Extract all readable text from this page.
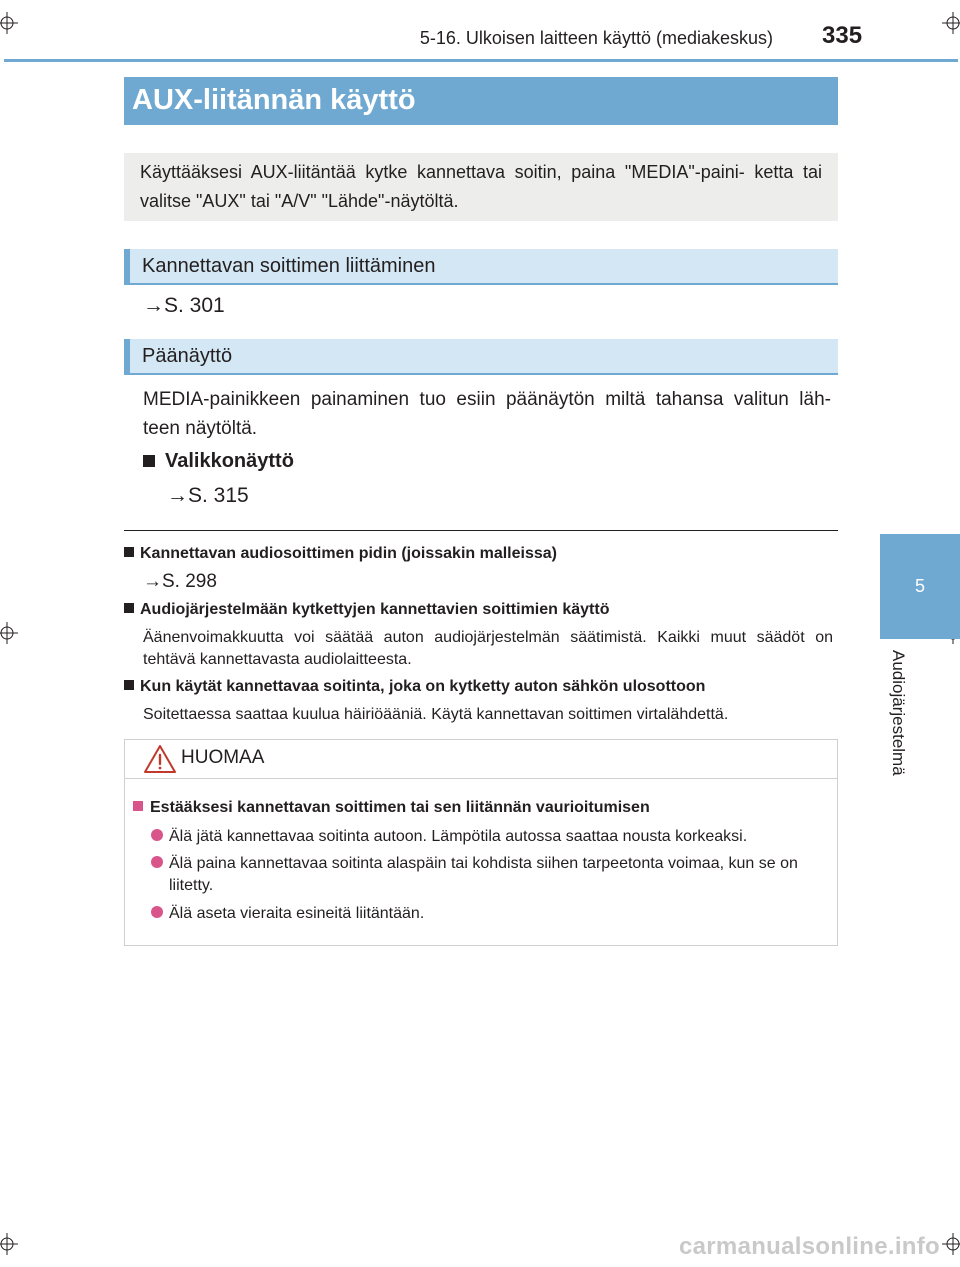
5-16. Ulkoisen laitteen käyttö (mediakeskus) 335
5
Audiojärjestelmä
AUX-liitännän käyttö
Käyttääksesi AUX-liitäntää kytke kannettava soitin, paina "MEDIA"-paini- ketta tai valitse "AUX" tai "A/V" "Lähde"-näytöltä.
Kannettavan soittimen liittäminen
→S. 301
Päänäyttö
MEDIA-painikkeen painaminen tuo esiin päänäytön miltä tahansa valitun läh- teen näytöltä.
Valikkonäyttö
→S. 315
Kannettavan audiosoittimen pidin (joissakin malleissa)
→S. 298
Audiojärjestelmään kytkettyjen kannettavien soittimien käyttö
Äänenvoimakkuutta voi säätää auton audiojärjestelmän säätimistä. Kaikki muut säädöt on tehtävä kannettavasta audiolaitteesta.
Kun käytät kannettavaa soitinta, joka on kytketty auton sähkön ulosottoon
Soitettaessa saattaa kuulua häiriöääniä. Käytä kannettavan soittimen virtalähdettä.
HUOMAA
Estääksesi kannettavan soittimen tai sen liitännän vaurioitumisen
Älä jätä kannettavaa soitinta autoon. Lämpötila autossa saattaa nousta korkeaksi.
Älä paina kannettavaa soitinta alaspäin tai kohdista siihen tarpeetonta voimaa, kun se on liitetty.
Älä aseta vieraita esineitä liitäntään.
carmanualsonline.info
